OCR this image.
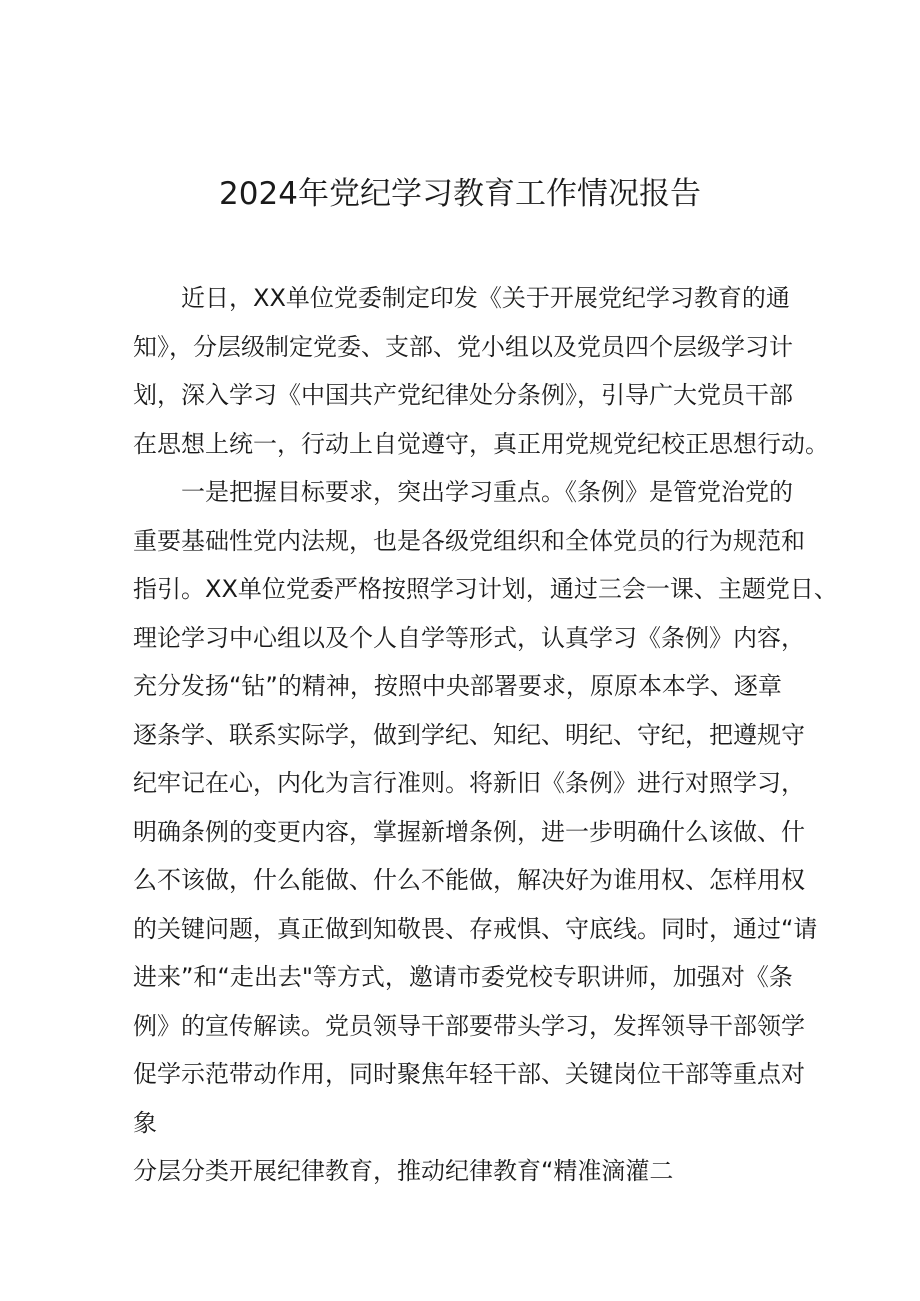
2024年党纪学习教育工作情况报告

近日，XX单位党委制定印发《关于开展党纪学习教育的通

知》，分层级制定党委、支部、党小组以及党员四个层级学习计

划，深入学习《中国共产党纪律处分条例》，引导广大党员干部

在思想上统一，行动上自觉遵守，真正用党规党纪校正思想行动。

一是把握目标要求，突出学习重点。《条例》是管党治党的

重要基础性党内法规，也是各级党组织和全体党员的行为规范和

指引。XX单位党委严格按照学习计划，通过三会一课、主题党日、

理论学习中心组以及个人自学等形式，认真学习《条例》内容，

充分发扬“钻”的精神，按照中央部署要求，原原本本学、逐章

逐条学、联系实际学，做到学纪、知纪、明纪、守纪，把遵规守

纪牢记在心，内化为言行准则。将新旧《条例》进行对照学习，

明确条例的变更内容，掌握新增条例，进一步明确什么该做、什

么不该做，什么能做、什么不能做，解决好为谁用权、怎样用权

的关键问题，真正做到知敬畏、存戒惧、守底线。同时，通过“请

进来”和“走出去"等方式，邀请市委党校专职讲师，加强对《条

例》的宣传解读。党员领导干部要带头学习，发挥领导干部领学

促学示范带动作用，同时聚焦年轻干部、关键岗位干部等重点对

象

分层分类开展纪律教育，推动纪律教育“精准滴灌二
